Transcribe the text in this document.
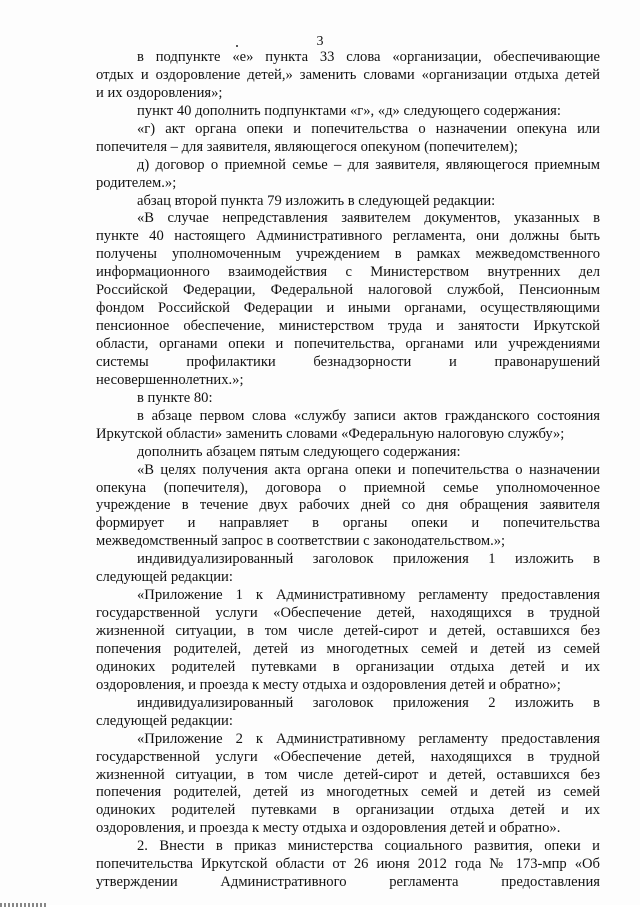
3
в подпункте «е» пункта 33 слова «организации, обеспечивающие
отдых и оздоровление детей,» заменить словами «организации отдыха детей
и их оздоровления»;
пункт 40 дополнить подпунктами «г», «д» следующего содержания:
«г) акт органа опеки и попечительства о назначении опекуна или
попечителя – для заявителя, являющегося опекуном (попечителем);
д) договор о приемной семье – для заявителя, являющегося приемным
родителем.»;
абзац второй пункта 79 изложить в следующей редакции:
«В случае непредставления заявителем документов, указанных в
пункте 40 настоящего Административного регламента, они должны быть
получены уполномоченным учреждением в рамках межведомственного
информационного взаимодействия с Министерством внутренних дел
Российской Федерации, Федеральной налоговой службой, Пенсионным
фондом Российской Федерации и иными органами, осуществляющими
пенсионное обеспечение, министерством труда и занятости Иркутской
области, органами опеки и попечительства, органами или учреждениями
системы профилактики безнадзорности и правонарушений
несовершеннолетних.»;
в пункте 80:
в абзаце первом слова «службу записи актов гражданского состояния
Иркутской области» заменить словами «Федеральную налоговую службу»;
дополнить абзацем пятым следующего содержания:
«В целях получения акта органа опеки и попечительства о назначении
опекуна (попечителя), договора о приемной семье уполномоченное
учреждение в течение двух рабочих дней со дня обращения заявителя
формирует и направляет в органы опеки и попечительства
межведомственный запрос в соответствии с законодательством.»;
индивидуализированный заголовок приложения 1 изложить в
следующей редакции:
«Приложение 1 к Административному регламенту предоставления
государственной услуги «Обеспечение детей, находящихся в трудной
жизненной ситуации, в том числе детей-сирот и детей, оставшихся без
попечения родителей, детей из многодетных семей и детей из семей
одиноких родителей путевками в организации отдыха детей и их
оздоровления, и проезда к месту отдыха и оздоровления детей и обратно»;
индивидуализированный заголовок приложения 2 изложить в
следующей редакции:
«Приложение 2 к Административному регламенту предоставления
государственной услуги «Обеспечение детей, находящихся в трудной
жизненной ситуации, в том числе детей-сирот и детей, оставшихся без
попечения родителей, детей из многодетных семей и детей из семей
одиноких родителей путевками в организации отдыха детей и их
оздоровления, и проезда к месту отдыха и оздоровления детей и обратно».
2. Внести в приказ министерства социального развития, опеки и
попечительства Иркутской области от 26 июня 2012 года № 173-мпр «Об
утверждении Административного регламента предоставления
